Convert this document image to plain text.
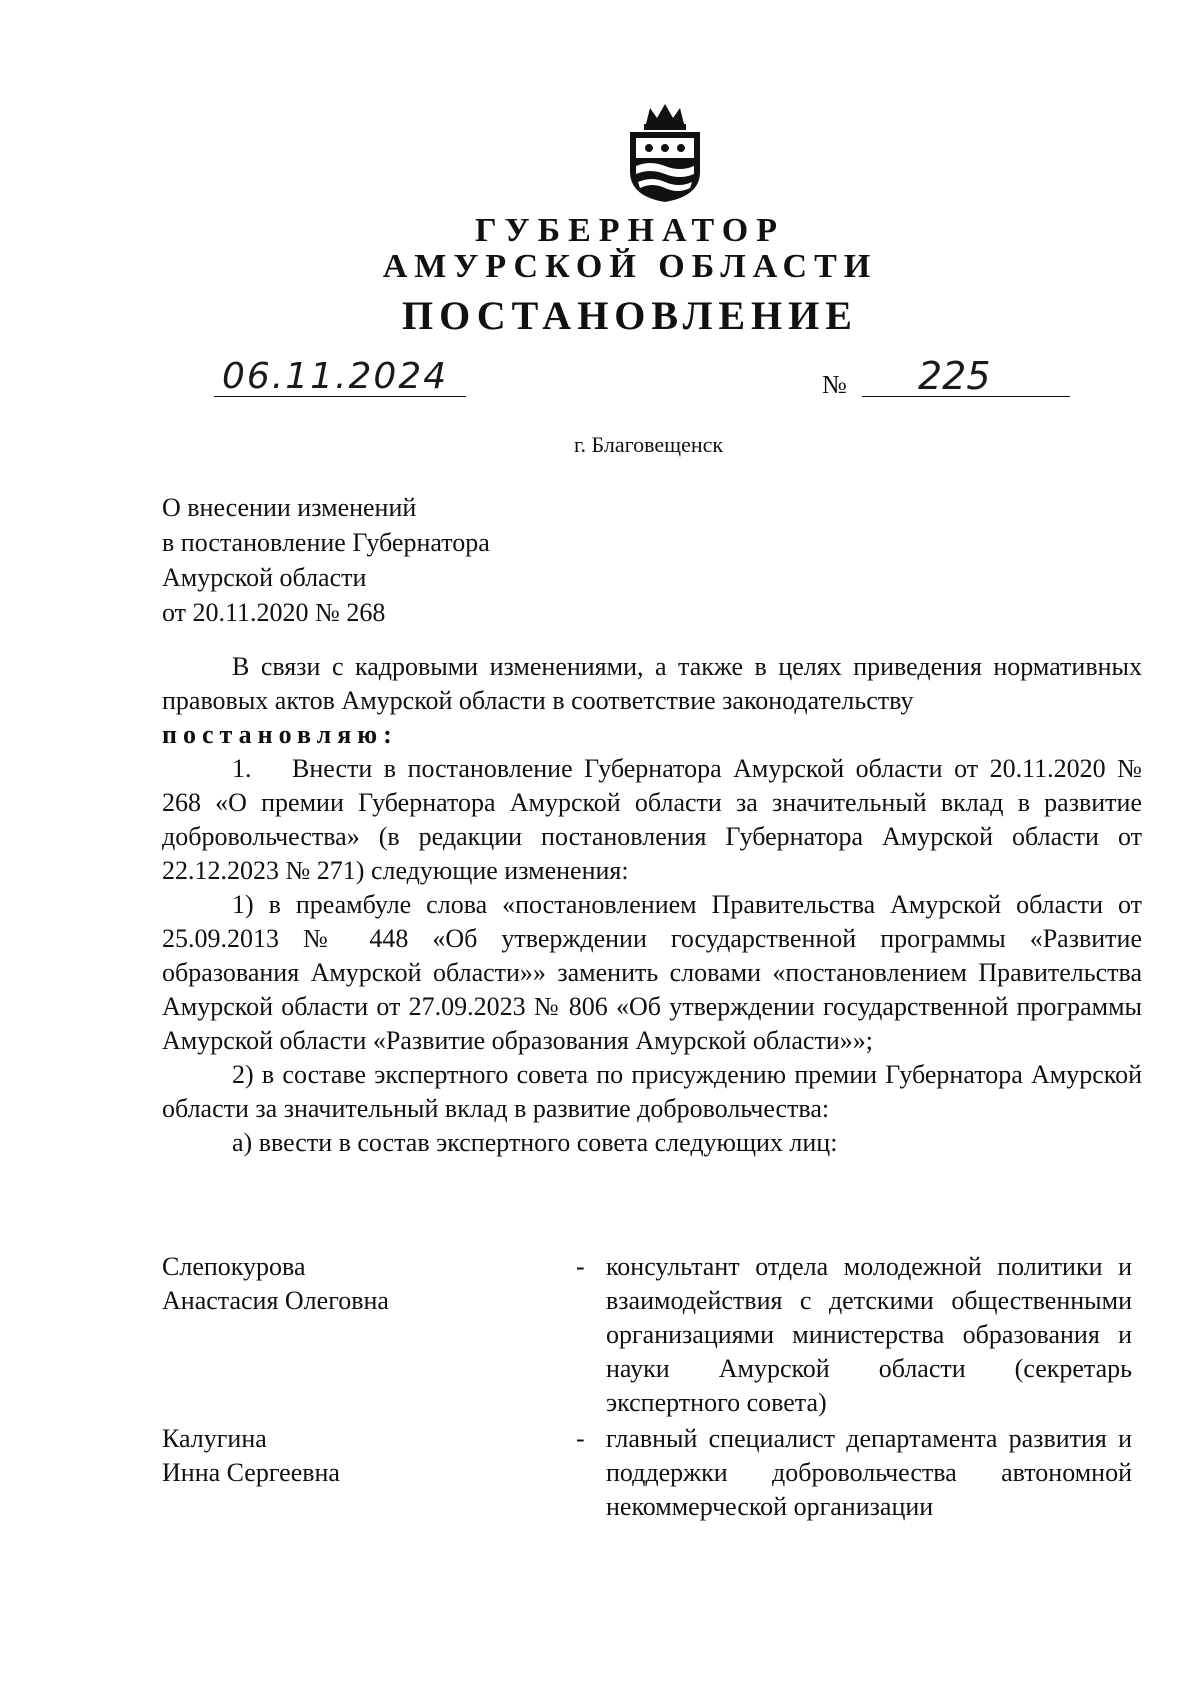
ГУБЕРНАТОР
АМУРСКОЙ ОБЛАСТИ
ПОСТАНОВЛЕНИЕ
06.11.2024	№ 225
г. Благовещенск
О внесении изменений
в постановление Губернатора
Амурской области
от 20.11.2020 № 268
В связи с кадровыми изменениями, а также в целях приведения нормативных правовых актов Амурской области в соответствие законодательству
постановляю:
1. Внести в постановление Губернатора Амурской области от 20.11.2020 № 268 «О премии Губернатора Амурской области за значительный вклад в развитие добровольчества» (в редакции постановления Губернатора Амурской области от 22.12.2023 № 271) следующие изменения:
1) в преамбуле слова «постановлением Правительства Амурской области от 25.09.2013 № 448 «Об утверждении государственной программы «Развитие образования Амурской области»» заменить словами «постановлением Правительства Амурской области от 27.09.2023 № 806 «Об утверждении государственной программы Амурской области «Развитие образования Амурской области»»;
2) в составе экспертного совета по присуждению премии Губернатора Амурской области за значительный вклад в развитие добровольчества:
а) ввести в состав экспертного совета следующих лиц:
Слепокурова
Анастасия Олеговна
- консультант отдела молодежной политики и взаимодействия с детскими общественными организациями министерства образования и науки Амурской области (секретарь экспертного совета)
Калугина
Инна Сергеевна
- главный специалист департамента развития и поддержки добровольчества автономной некоммерческой организации
